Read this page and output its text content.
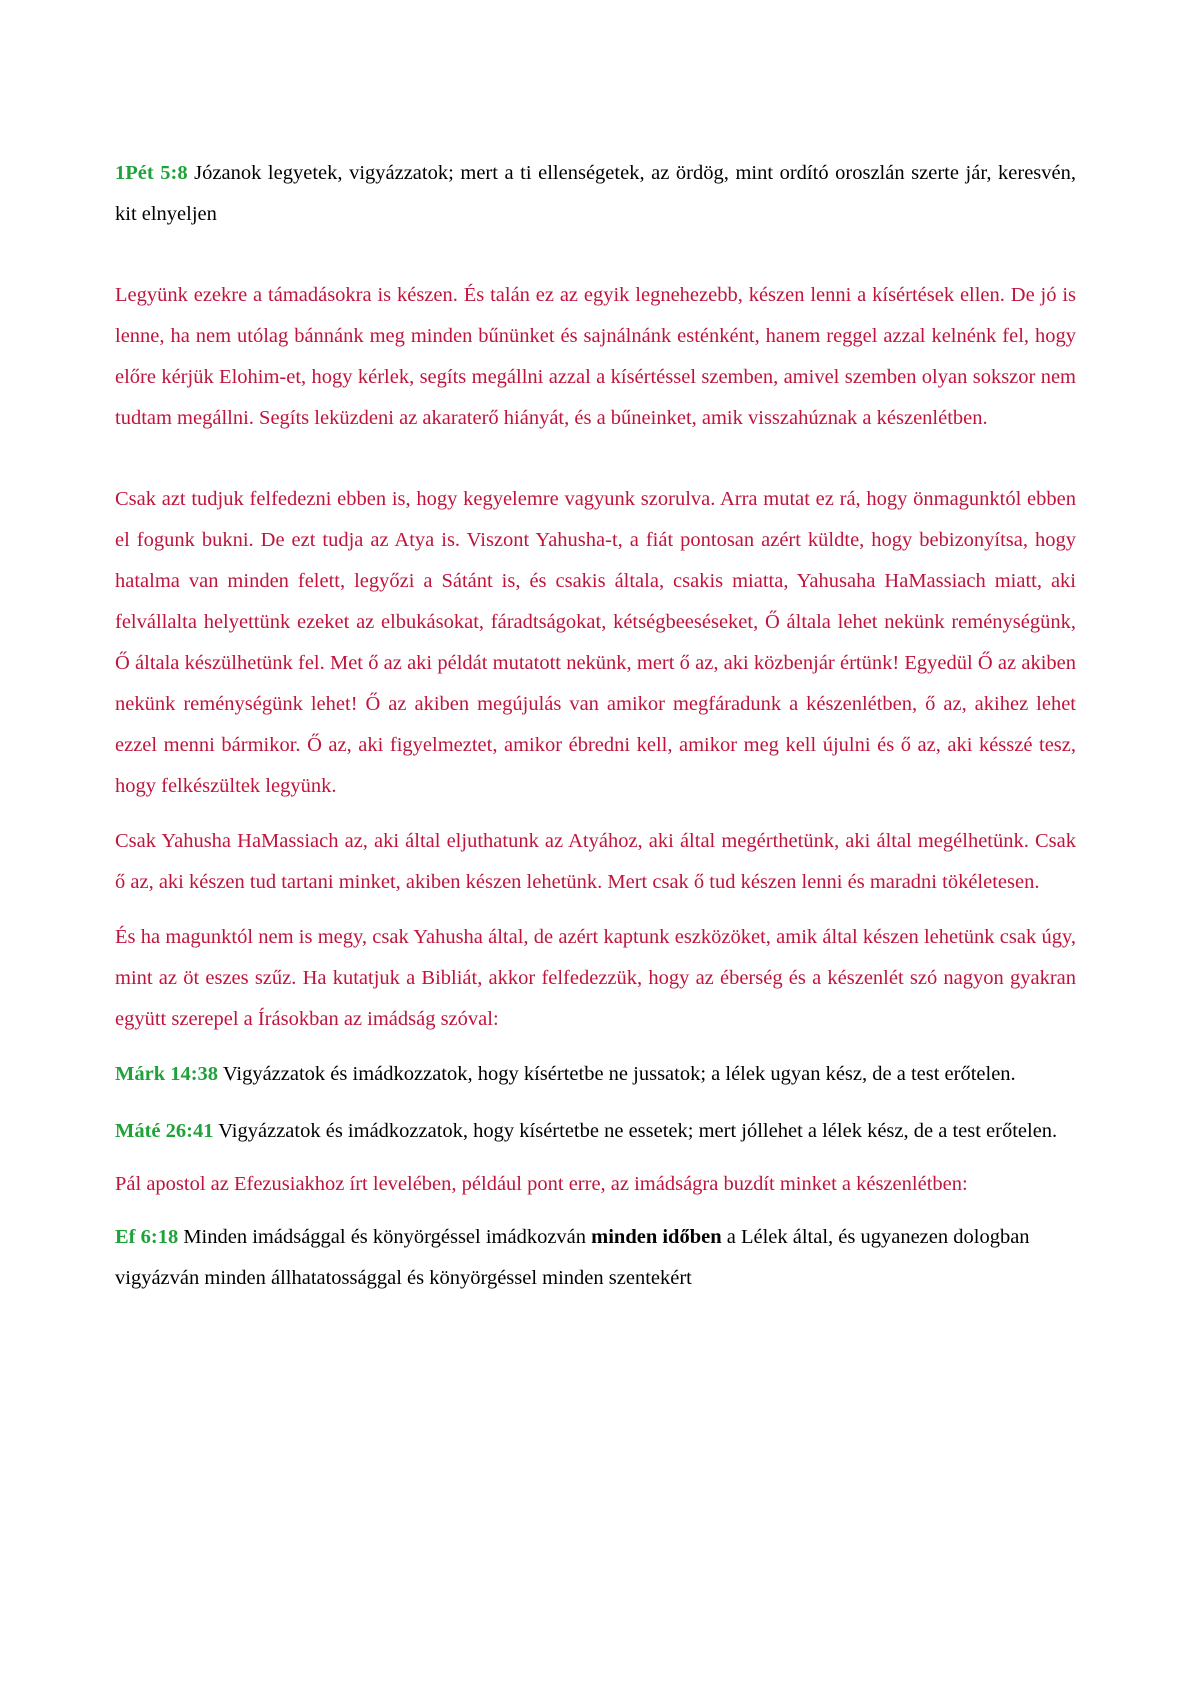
1Pét 5:8 Józanok legyetek, vigyázzatok; mert a ti ellenségetek, az ördög, mint ordító oroszlán szerte jár, keresvén, kit elnyeljen

Legyünk ezekre a támadásokra is készen. És talán ez az egyik legnehezebb, készen lenni a kísértések ellen. De jó is lenne, ha nem utólag bánnánk meg minden bűnünket és sajnálnánk esténként, hanem reggel azzal kelnénk fel, hogy előre kérjük Elohim-et, hogy kérlek, segíts megállni azzal a kísértéssel szemben, amivel szemben olyan sokszor nem tudtam megállni. Segíts leküzdeni az akaraterő hiányát, és a bűneinket, amik visszahúznak a készenlétben.

Csak azt tudjuk felfedezni ebben is, hogy kegyelemre vagyunk szorulva. Arra mutat ez rá, hogy önmagunktól ebben el fogunk bukni. De ezt tudja az Atya is. Viszont Yahusha-t, a fiát pontosan azért küldte, hogy bebizonyítsa, hogy hatalma van minden felett, legyőzi a Sátánt is, és csakis általa, csakis miatta, Yahusaha HaMassiach miatt, aki felvállalta helyettünk ezeket az elbukásokat, fáradtságokat, kétségbeeséseket, Ő általa lehet nekünk reménységünk, Ő általa készülhetünk fel. Met ő az aki példát mutatott nekünk, mert ő az, aki közbenjár értünk! Egyedül Ő az akiben nekünk reménységünk lehet! Ő az akiben megújulás van amikor megfáradunk a készenlétben, ő az, akihez lehet ezzel menni bármikor. Ő az, aki figyelmeztet, amikor ébredni kell, amikor meg kell újulni és ő az, aki késszé tesz, hogy felkészültek legyünk.

Csak Yahusha HaMassiach az, aki által eljuthatunk az Atyához, aki által megérthetünk, aki által megélhetünk. Csak ő az, aki készen tud tartani minket, akiben készen lehetünk. Mert csak ő tud készen lenni és maradni tökéletesen.

És ha magunktól nem is megy, csak Yahusha által, de azért kaptunk eszközöket, amik által készen lehetünk csak úgy, mint az öt eszes szűz. Ha kutatjuk a Bibliát, akkor felfedezzük, hogy az éberség és a készenlét szó nagyon gyakran együtt szerepel a Írásokban az imádság szóval:

Márk 14:38 Vigyázzatok és imádkozzatok, hogy kísértetbe ne jussatok; a lélek ugyan kész, de a test erőtelen.

Máté 26:41 Vigyázzatok és imádkozzatok, hogy kísértetbe ne essetek; mert jóllehet a lélek kész, de a test erőtelen.

Pál apostol az Efezusiakhoz írt levelében, például pont erre, az imádságra buzdít minket a készenlétben:

Ef 6:18 Minden imádsággal és könyörgéssel imádkozván minden időben a Lélek által, és ugyanezen dologban vigyázván minden állhatatossággal és könyörgéssel minden szentekért
